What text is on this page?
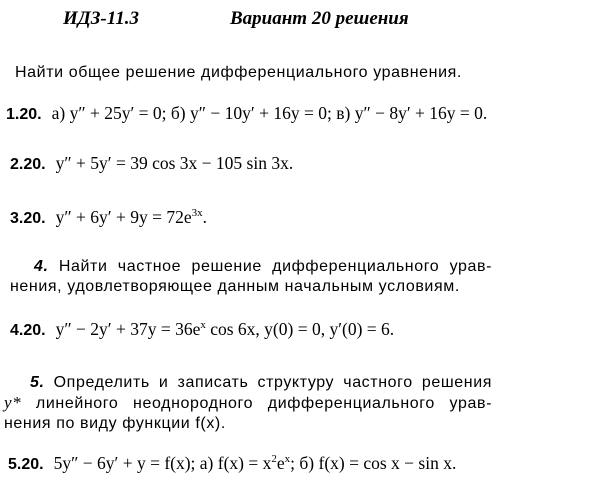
ИДЗ-11.3	Вариант 20 решения
Найти общее решение дифференциального уравнения.
1.20. а) y″ + 25y′ = 0; б) y″ − 10y′ + 16y = 0; в) y″ − 8y′ + 16y = 0.
2.20. y″ + 5y′ = 39 cos 3x − 105 sin 3x.
3.20. $y'' + 6y' + 9y = 72e^{3x}$.
4. Найти частное решение дифференциального урав-
нения, удовлетворяющее данным начальным условиям.
4.20. $y'' - 2y' + 37y = 36e^x$ cos 6x, y(0) = 0, y′(0) = 6.
5. Определить и записать структуру частного решения
y* линейного неоднородного дифференциального урав-
нения по виду функции f(x).
5.20. 5y″ − 6y′ + y = f(x); а) $f(x) = x^2e^x$; б) f(x) = cos x − sin x.
